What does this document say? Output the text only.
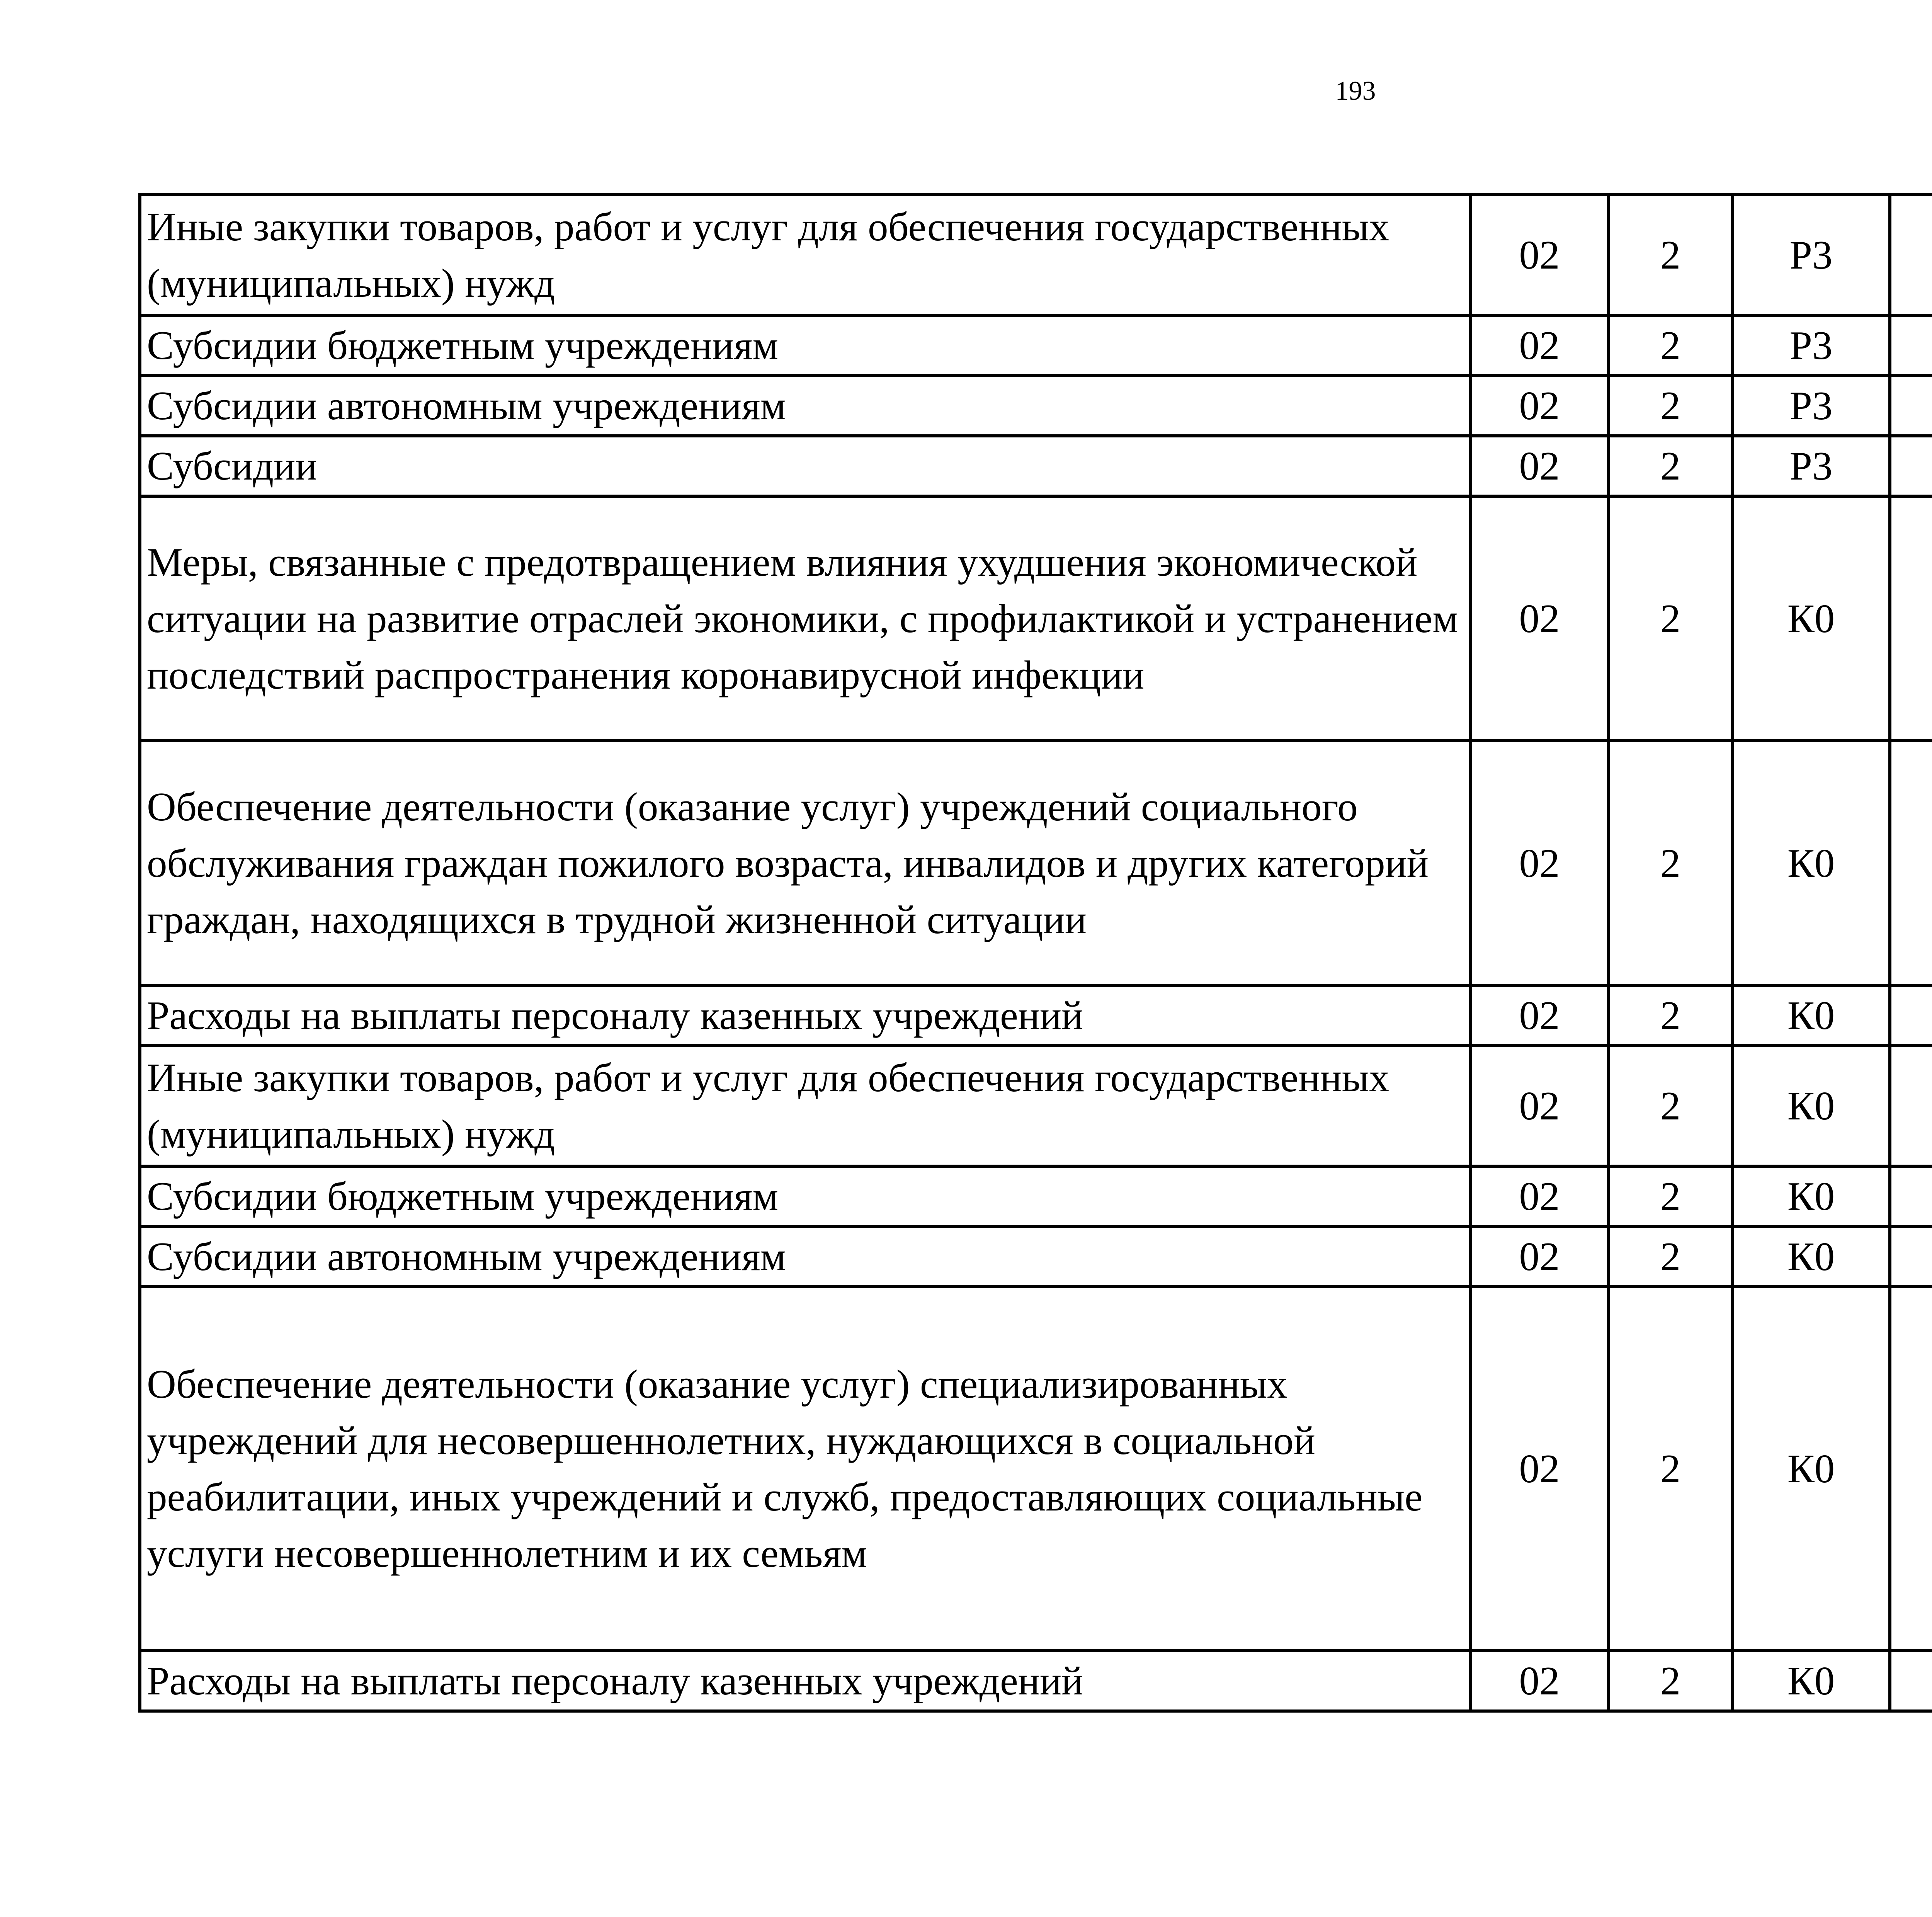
193
Иные закупки товаров, работ и услуг для обеспечения государственных (муниципальных) нужд	02	2	Р3			
Субсидии бюджетным учреждениям	02	2	Р3			
Субсидии автономным учреждениям	02	2	Р3			
Субсидии	02	2	Р3			
Меры, связанные с предотвращением влияния ухудшения экономической ситуации на развитие отраслей экономики, с профилактикой и устранением последствий распространения коронавирусной инфекции	02	2	К0			
Обеспечение деятельности (оказание услуг) учреждений социального обслуживания граждан пожилого возраста, инвалидов и других категорий граждан, находящихся в трудной жизненной ситуации	02	2	К0			
Расходы на выплаты персоналу казенных учреждений	02	2	К0			
Иные закупки товаров, работ и услуг для обеспечения государственных (муниципальных) нужд	02	2	К0			
Субсидии бюджетным учреждениям	02	2	К0			
Субсидии автономным учреждениям	02	2	К0			
Обеспечение деятельности (оказание услуг) специализированных учреждений для несовершеннолетних, нуждающихся в социальной реабилитации, иных учреждений и служб, предоставляющих социальные услуги несовершеннолетним и их семьям	02	2	К0			
Расходы на выплаты персоналу казенных учреждений	02	2	К0			
